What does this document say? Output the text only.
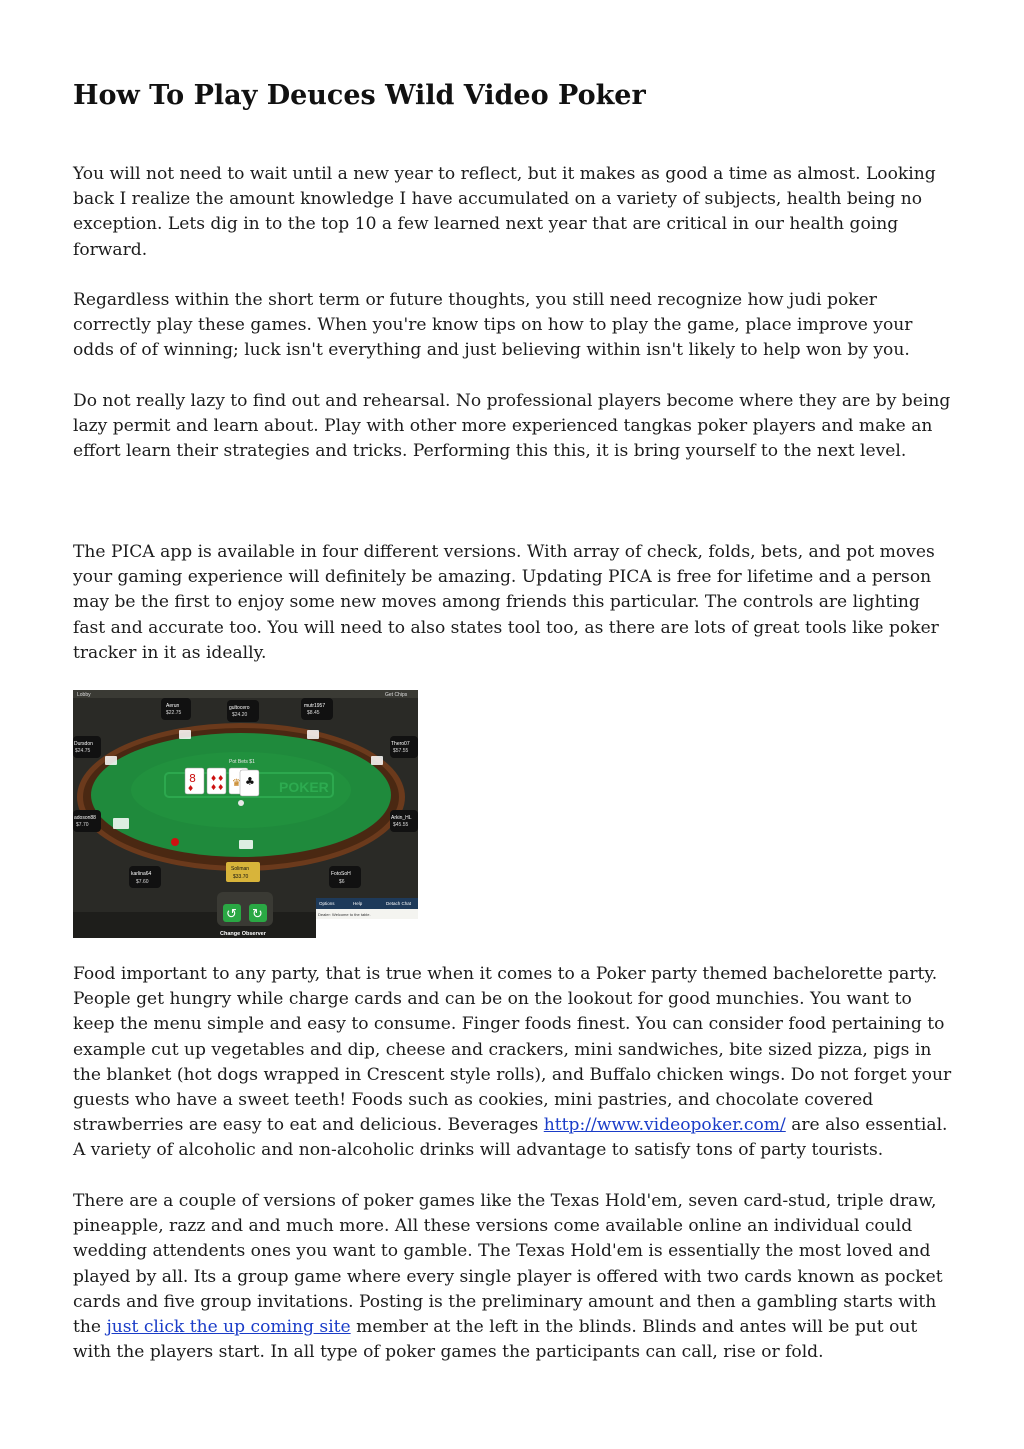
How To Play Deuces Wild Video Poker

You will not need to wait until a new year to reflect, but it makes as good a time as almost. Looking back I realize the amount knowledge I have accumulated on a variety of subjects, health being no exception. Lets dig in to the top 10 a few learned next year that are critical in our health going forward.

Regardless within the short term or future thoughts, you still need recognize how judi poker correctly play these games. When you're know tips on how to play the game, place improve your odds of of winning; luck isn't everything and just believing within isn't likely to help won by you.

Do not really lazy to find out and rehearsal. No professional players become where they are by being lazy permit and learn about. Play with other more experienced tangkas poker players and make an effort learn their strategies and tricks. Performing this this, it is bring yourself to the next level.

The PICA app is available in four different versions. With array of check, folds, bets, and pot moves your gaming experience will definitely be amazing. Updating PICA is free for lifetime and a person may be the first to enjoy some new moves among friends this particular. The controls are lighting fast and accurate too. You will need to also states tool too, as there are lots of great tools like poker tracker in it as ideally.

Lobby	Get Chips
POKER
Pot Bets $1
8
♦
♦♦
♦♦ ♛ ♣
Aerun
$22.75
gultocero
$24.20
mutr1957
$8.45
Dursdon
$24.75
Thero07
$57.55
adoson88
$7.70
Arkin_HL
$45.55
karlina64
$7.60
Soliman
$33.70	FotoSoH
$6
↺ ↻
Change Observer
Options	Help	Detach Chat
Dealer: Welcome to the table.

Food important to any party, that is true when it comes to a Poker party themed bachelorette party. People get hungry while charge cards and can be on the lookout for good munchies. You want to keep the menu simple and easy to consume. Finger foods finest. You can consider food pertaining to example cut up vegetables and dip, cheese and crackers, mini sandwiches, bite sized pizza, pigs in the blanket (hot dogs wrapped in Crescent style rolls), and Buffalo chicken wings. Do not forget your guests who have a sweet teeth! Foods such as cookies, mini pastries, and chocolate covered strawberries are easy to eat and delicious. Beverages http://www.videopoker.com/ are also essential. A variety of alcoholic and non-alcoholic drinks will advantage to satisfy tons of party tourists.

There are a couple of versions of poker games like the Texas Hold'em, seven card-stud, triple draw, pineapple, razz and and much more. All these versions come available online an individual could wedding attendents ones you want to gamble. The Texas Hold'em is essentially the most loved and played by all. Its a group game where every single player is offered with two cards known as pocket cards and five group invitations. Posting is the preliminary amount and then a gambling starts with the just click the up coming site member at the left in the blinds. Blinds and antes will be put out with the players start. In all type of poker games the participants can call, rise or fold.
